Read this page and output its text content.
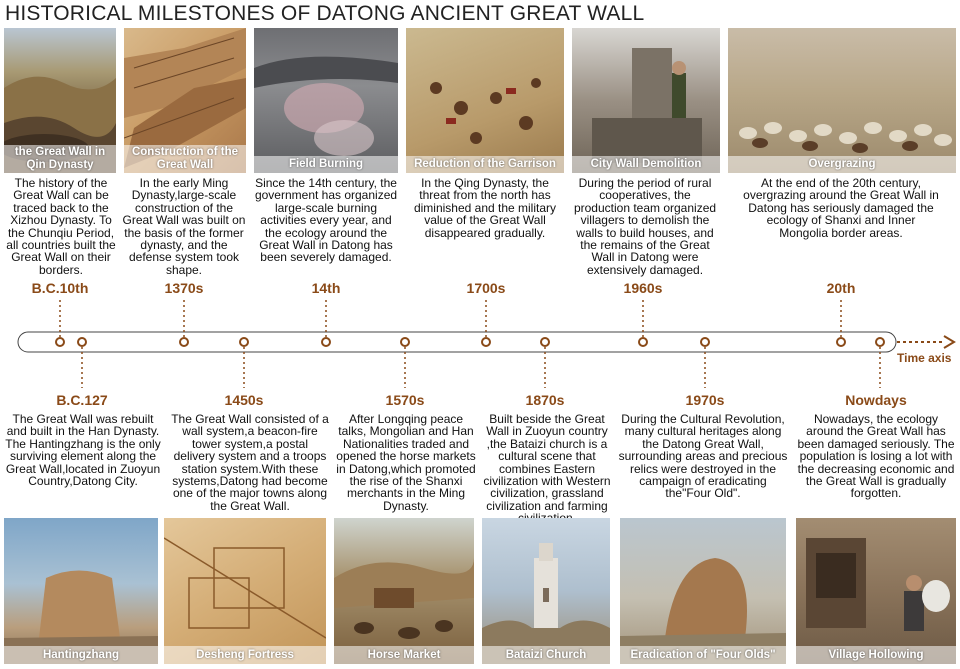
HISTORICAL MILESTONES OF DATONG ANCIENT GREAT WALL
the Great Wall in Qin Dynasty
Construction of the Great Wall	Field Burning	Reduction of the Garrison	City Wall Demolition	Overgrazing
The history of the Great Wall can be traced back to the Xizhou Dynasty. To the Chunqiu Period, all countries built the Great Wall on their borders.
In the early Ming Dynasty,large-scale construction of the Great Wall was built on the basis of the former dynasty, and the defense system took shape.
Since the 14th century, the government has organized large-scale burning activities every year, and the ecology around the Great Wall in Datong has been severely damaged.
In the Qing Dynasty, the threat from the north has diminished and the military value of the Great Wall disappeared gradually.
During the period of rural cooperatives, the production team organized villagers to demolish the walls to build houses, and the remains of the Great Wall in Datong were extensively damaged.
At the end of the 20th century, overgrazing around the Great Wall in Datong has seriously damaged the ecology of Shanxi and Inner Mongolia border areas.
B.C.10th	1370s	14th	1700s	1960s	20th
Time axis
B.C.127	1450s	1570s	1870s	1970s	Nowdays
The Great Wall was rebuilt and built in the Han Dynasty. The Hantingzhang is the only surviving element along the Great Wall,located in Zuoyun Country,Datong City.
The Great Wall consisted of a wall system,a beacon-fire tower system,a postal delivery system and a troops station system.With these systems,Datong had become one of the major towns along the Great Wall.
After Longqing peace talks, Mongolian and Han Nationalities traded and opened the horse markets in Datong,which promoted the rise of the Shanxi merchants in the Ming Dynasty.
Built beside the Great Wall in Zuoyun country ,the Bataizi church is a cultural scene that combines Eastern civilization with Western civilization, grassland civilization and farming
During the Cultural Revolution, many cultural heritages along the Datong Great Wall, surrounding areas and precious relics were destroyed in the campaign of eradicating the"Four Old".
Nowadays, the ecology around the Great Wall has been damaged seriously. The population is losing a lot with the decreasing economic and the Great Wall is gradually forgotten.
Hantingzhang	Desheng Fortress	Horse Market	Bataizi Church	Eradication of "Four Olds"	Village Hollowing
